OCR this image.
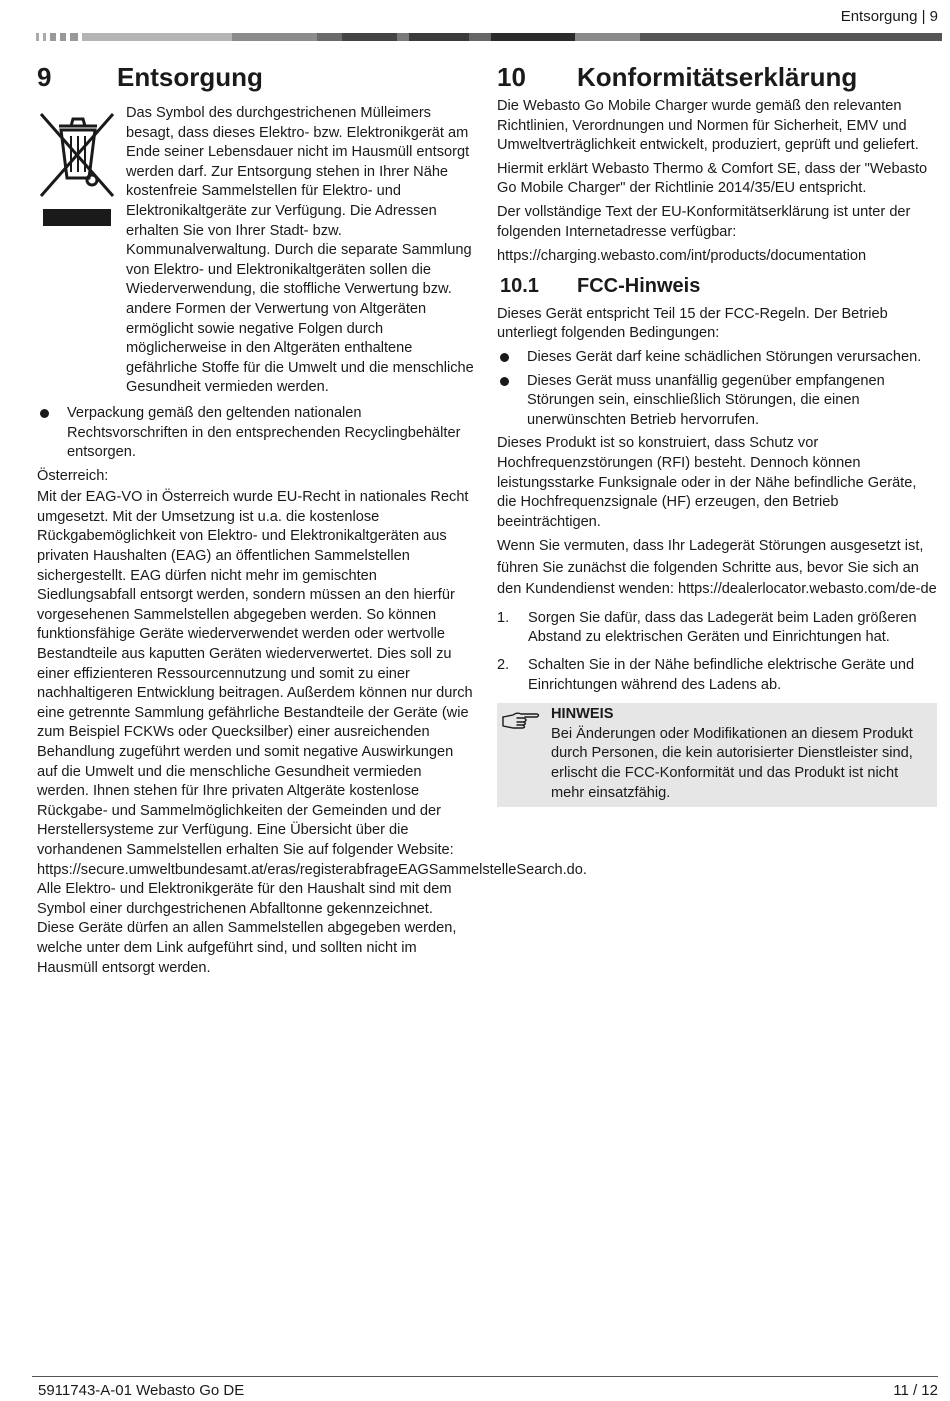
Entsorgung | 9
9	Entsorgung
Das Symbol des durchgestrichenen Mülleimers besagt, dass dieses Elektro- bzw. Elektronikgerät am Ende seiner Lebensdauer nicht im Hausmüll entsorgt werden darf. Zur Entsorgung stehen in Ihrer Nähe kostenfreie Sammelstellen für Elektro- und Elektronikaltgeräte zur Verfügung. Die Adressen erhalten Sie von Ihrer Stadt- bzw. Kommunalverwaltung. Durch die separate Sammlung von Elektro- und Elektronikaltgeräten sollen die Wiederverwendung, die stoffliche Verwertung bzw. andere Formen der Verwertung von Altgeräten ermöglicht sowie negative Folgen durch möglicherweise in den Altgeräten enthaltene gefährliche Stoffe für die Umwelt und die menschliche Gesundheit vermieden werden.
Verpackung gemäß den geltenden nationalen Rechtsvorschriften in den entsprechenden Recyclingbehälter entsorgen.

Österreich:

Mit der EAG-VO in Österreich wurde EU-Recht in nationales Recht umgesetzt. Mit der Umsetzung ist u.a. die kostenlose Rückgabemöglichkeit von Elektro- und Elektronikaltgeräten aus privaten Haushalten (EAG) an öffentlichen Sammelstellen sichergestellt. EAG dürfen nicht mehr im gemischten Siedlungsabfall entsorgt werden, sondern müssen an den hierfür vorgesehenen Sammelstellen abgegeben werden. So können funktionsfähige Geräte wiederverwendet werden oder wertvolle Bestandteile aus kaputten Geräten wiederverwertet. Dies soll zu einer effizienteren Ressourcennutzung und somit zu einer nachhaltigeren Entwicklung beitragen. Außerdem können nur durch eine getrennte Sammlung gefährliche Bestandteile der Geräte (wie zum Beispiel FCKWs oder Quecksilber) einer ausreichenden Behandlung zugeführt werden und somit negative Auswirkungen auf die Umwelt und die menschliche Gesundheit vermieden werden. Ihnen stehen für Ihre privaten Altgeräte kostenlose Rückgabe- und Sammelmöglichkeiten der Gemeinden und der Herstellersysteme zur Verfügung. Eine Übersicht über die vorhandenen Sammelstellen erhalten Sie auf folgender Website: https://secure.umweltbundesamt.at/eras/registerabfrageEAGSammelstelleSearch.do. Alle Elektro- und Elektronikgeräte für den Haushalt sind mit dem Symbol einer durchgestrichenen Abfalltonne gekennzeichnet. Diese Geräte dürfen an allen Sammelstellen abgegeben werden, welche unter dem Link aufgeführt sind, und sollten nicht im Hausmüll entsorgt werden.

10	Konformitätserklärung

Die Webasto Go Mobile Charger wurde gemäß den relevanten Richtlinien, Verordnungen und Normen für Sicherheit, EMV und Umweltverträglichkeit entwickelt, produziert, geprüft und geliefert.

Hiermit erklärt Webasto Thermo & Comfort SE, dass der "Webasto Go Mobile Charger" der Richtlinie 2014/35/EU entspricht.

Der vollständige Text der EU-Konformitätserklärung ist unter der folgenden Internetadresse verfügbar:

https://charging.webasto.com/int/products/documentation

10.1	FCC-Hinweis

Dieses Gerät entspricht Teil 15 der FCC-Regeln. Der Betrieb unterliegt folgenden Bedingungen:

Dieses Gerät darf keine schädlichen Störungen verursachen.
Dieses Gerät muss unanfällig gegenüber empfangenen Störungen sein, einschließlich Störungen, die einen unerwünschten Betrieb hervorrufen.

Dieses Produkt ist so konstruiert, dass Schutz vor Hochfrequenzstörungen (RFI) besteht. Dennoch können leistungsstarke Funksignale oder in der Nähe befindliche Geräte, die Hochfrequenzsignale (HF) erzeugen, den Betrieb beeinträchtigen.

Wenn Sie vermuten, dass Ihr Ladegerät Störungen ausgesetzt ist, führen Sie zunächst die folgenden Schritte aus, bevor Sie sich an den Kundendienst wenden: https://dealerlocator.webasto.com/de-de

1. Sorgen Sie dafür, dass das Ladegerät beim Laden größeren Abstand zu elektrischen Geräten und Einrichtungen hat.
2. Schalten Sie in der Nähe befindliche elektrische Geräte und Einrichtungen während des Ladens ab.
HINWEIS
Bei Änderungen oder Modifikationen an diesem Produkt durch Personen, die kein autorisierter Dienstleister sind, erlischt die FCC-Konformität und das Produkt ist nicht mehr einsatzfähig.
5911743-A-01 Webasto Go DE	11 / 12
